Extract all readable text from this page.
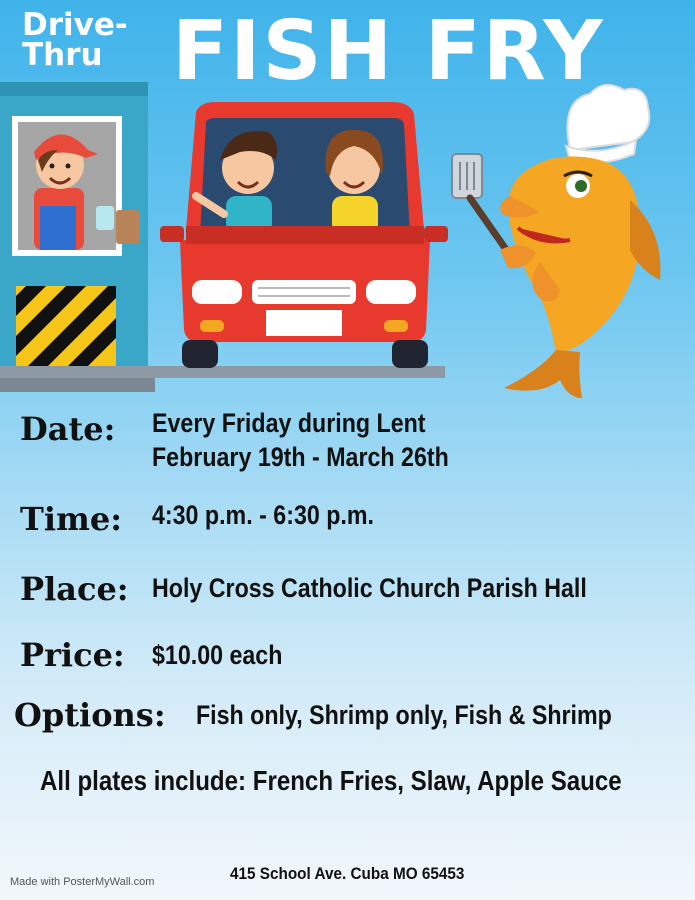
Drive-
Thru FISH FRY
Date: Every Friday during Lent
February 19th - March 26th
Time: 4:30 p.m. - 6:30 p.m.
Place: Holy Cross Catholic Church Parish Hall
Price: $10.00 each
Options: Fish only, Shrimp only, Fish & Shrimp
All plates include: French Fries, Slaw, Apple Sauce
415 School Ave. Cuba MO 65453
Made with PosterMyWall.com
